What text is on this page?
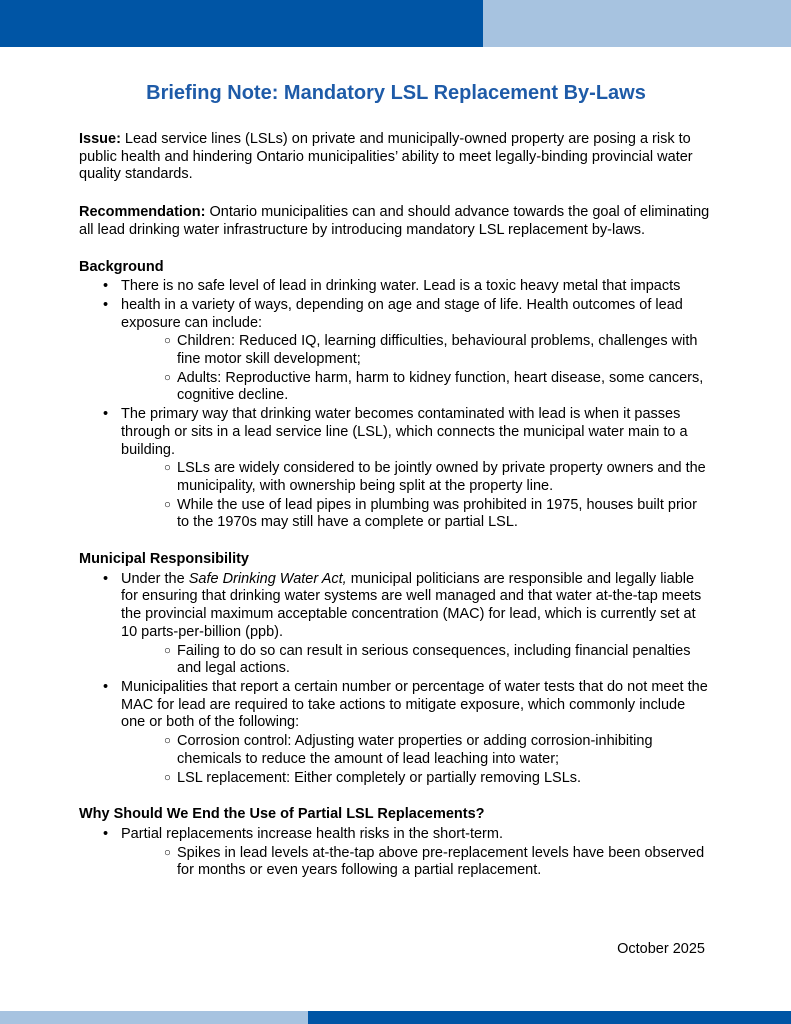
Briefing Note: Mandatory LSL Replacement By-Laws

Issue: Lead service lines (LSLs) on private and municipally-owned property are posing a risk to public health and hindering Ontario municipalities’ ability to meet legally-binding provincial water quality standards.

Recommendation: Ontario municipalities can and should advance towards the goal of eliminating all lead drinking water infrastructure by introducing mandatory LSL replacement by-laws.

Background
• There is no safe level of lead in drinking water. Lead is a toxic heavy metal that impacts
• health in a variety of ways, depending on age and stage of life. Health outcomes of lead exposure can include:
○ Children: Reduced IQ, learning difficulties, behavioural problems, challenges with fine motor skill development;
○ Adults: Reproductive harm, harm to kidney function, heart disease, some cancers, cognitive decline.
• The primary way that drinking water becomes contaminated with lead is when it passes through or sits in a lead service line (LSL), which connects the municipal water main to a building.
○ LSLs are widely considered to be jointly owned by private property owners and the municipality, with ownership being split at the property line.
○ While the use of lead pipes in plumbing was prohibited in 1975, houses built prior to the 1970s may still have a complete or partial LSL.
Municipal Responsibility
• Under the Safe Drinking Water Act, municipal politicians are responsible and legally liable for ensuring that drinking water systems are well managed and that water at-the-tap meets the provincial maximum acceptable concentration (MAC) for lead, which is currently set at 10 parts-per-billion (ppb).
○ Failing to do so can result in serious consequences, including financial penalties and legal actions.
• Municipalities that report a certain number or percentage of water tests that do not meet the MAC for lead are required to take actions to mitigate exposure, which commonly include one or both of the following:
○ Corrosion control: Adjusting water properties or adding corrosion-inhibiting chemicals to reduce the amount of lead leaching into water;
○ LSL replacement: Either completely or partially removing LSLs.
Why Should We End the Use of Partial LSL Replacements?
• Partial replacements increase health risks in the short-term.
○ Spikes in lead levels at-the-tap above pre-replacement levels have been observed for months or even years following a partial replacement.
October 2025
